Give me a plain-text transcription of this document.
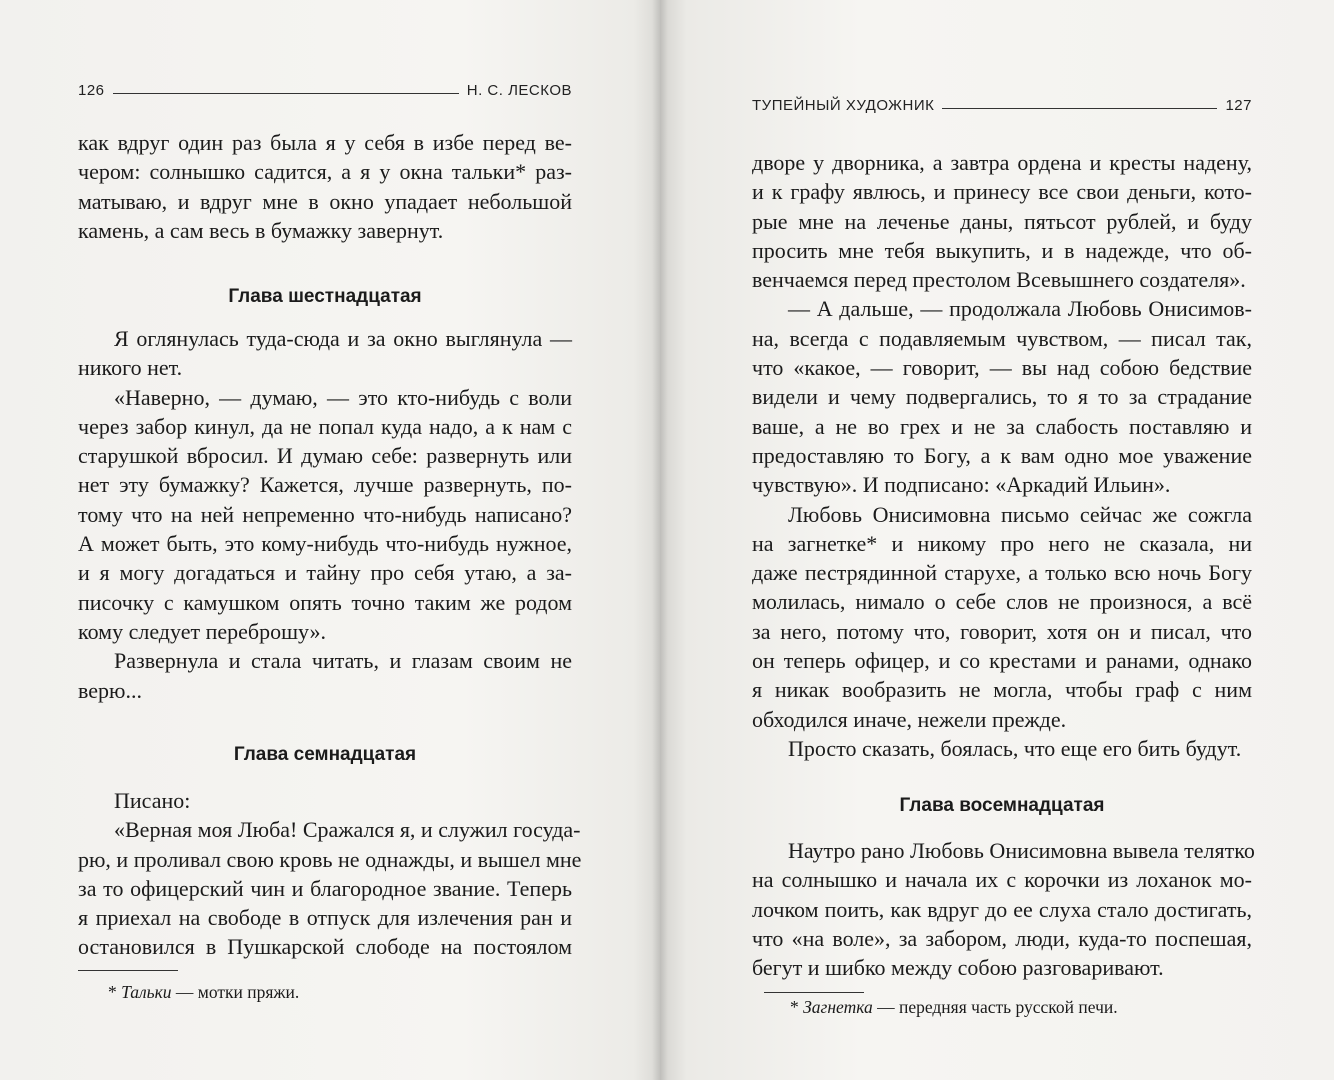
126	Н. С. ЛЕСКОВ
как вдруг один раз была я у себя в избе перед ве-
чером: солнышко садится, а я у окна тальки* раз-
матываю, и вдруг мне в окно упадает небольшой
камень, а сам весь в бумажку завернут.
Глава шестнадцатая
Я оглянулась туда-сюда и за окно выглянула —
никого нет.
«Наверно, — думаю, — это кто-нибудь с воли
через забор кинул, да не попал куда надо, а к нам с
старушкой вбросил. И думаю себе: развернуть или
нет эту бумажку? Кажется, лучше развернуть, по-
тому что на ней непременно что-нибудь написано?
А может быть, это кому-нибудь что-нибудь нужное,
и я могу догадаться и тайну про себя утаю, а за-
писочку с камушком опять точно таким же родом
кому следует переброшу».
Развернула и стала читать, и глазам своим не
верю...
Глава семнадцатая
Писано:
«Верная моя Люба! Сражался я, и служил госуда-
рю, и проливал свою кровь не однажды, и вышел мне
за то офицерский чин и благородное звание. Теперь
я приехал на свободе в отпуск для излечения ран и
остановился в Пушкарской слободе на постоялом
* Тальки — мотки пряжи.
ТУПЕЙНЫЙ ХУДОЖНИК	127
дворе у дворника, а завтра ордена и кресты надену,
и к графу явлюсь, и принесу все свои деньги, кото-
рые мне на леченье даны, пятьсот рублей, и буду
просить мне тебя выкупить, и в надежде, что об-
венчаемся перед престолом Всевышнего создателя».
— А дальше, — продолжала Любовь Онисимов-
на, всегда с подавляемым чувством, — писал так,
что «какое, — говорит, — вы над собою бедствие
видели и чему подвергались, то я то за страдание
ваше, а не во грех и не за слабость поставляю и
предоставляю то Богу, а к вам одно мое уважение
чувствую». И подписано: «Аркадий Ильин».
Любовь Онисимовна письмо сейчас же сожгла
на загнетке* и никому про него не сказала, ни
даже пестрядинной старухе, а только всю ночь Богу
молилась, нимало о себе слов не произнося, а всё
за него, потому что, говорит, хотя он и писал, что
он теперь офицер, и со крестами и ранами, однако
я никак вообразить не могла, чтобы граф с ним
обходился иначе, нежели прежде.
Просто сказать, боялась, что еще его бить будут.
Глава восемнадцатая
Наутро рано Любовь Онисимовна вывела телятко
на солнышко и начала их с корочки из лоханок мо-
лочком поить, как вдруг до ее слуха стало достигать,
что «на воле», за забором, люди, куда-то поспешая,
бегут и шибко между собою разговаривают.
* Загнетка — передняя часть русской печи.
